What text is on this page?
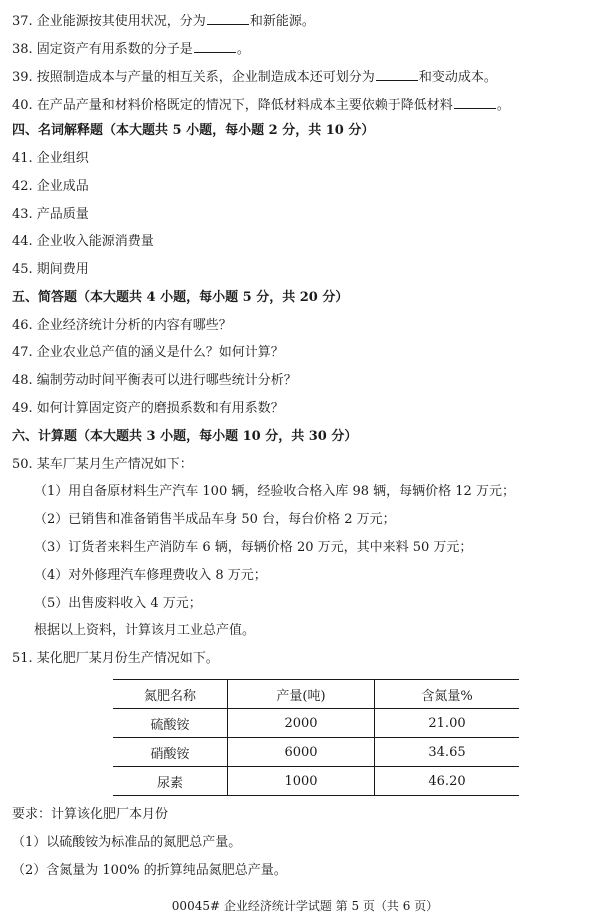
37. 企业能源按其使用状况，分为	和新能源。
38. 固定资产有用系数的分子是	。
39. 按照制造成本与产量的相互关系，企业制造成本还可划分为	和变动成本。
40. 在产品产量和材料价格既定的情况下，降低材料成本主要依赖于降低材料	。
四、名词解释题（本大题共 5 小题，每小题 2 分，共 10 分）
41. 企业组织
42. 企业成品
43. 产品质量
44. 企业收入能源消费量
45. 期间费用
五、简答题（本大题共 4 小题，每小题 5 分，共 20 分）
46. 企业经济统计分析的内容有哪些？
47. 企业农业总产值的涵义是什么？如何计算？
48. 编制劳动时间平衡表可以进行哪些统计分析？
49. 如何计算固定资产的磨损系数和有用系数？
六、计算题（本大题共 3 小题，每小题 10 分，共 30 分）
50. 某车厂某月生产情况如下：
（1）用自备原材料生产汽车 100 辆，经验收合格入库 98 辆，每辆价格 12 万元；
（2）已销售和准备销售半成品车身 50 台，每台价格 2 万元；
（3）订货者来料生产消防车 6 辆，每辆价格 20 万元，其中来料 50 万元；
（4）对外修理汽车修理费收入 8 万元；
（5）出售废料收入 4 万元；
根据以上资料，计算该月工业总产值。
51. 某化肥厂某月份生产情况如下。
氮肥名称	产量(吨)	含氮量%
硫酸铵	2000	21.00
硝酸铵	6000	34.65
尿素	1000	46.20
要求：计算该化肥厂本月份
（1）以硫酸铵为标准品的氮肥总产量。
（2）含氮量为 100% 的折算纯品氮肥总产量。
00045# 企业经济统计学试题 第 5 页（共 6 页）
